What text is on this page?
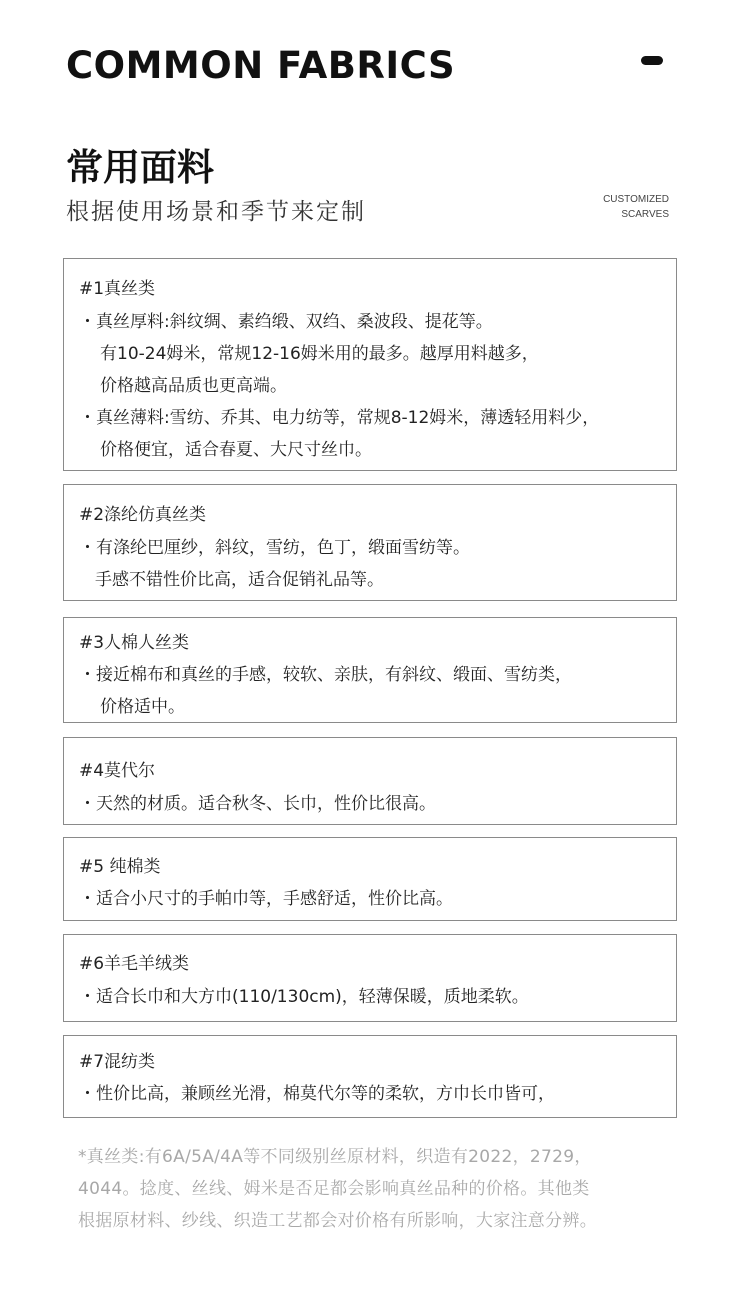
COMMON FABRICS
常用面料
根据使用场景和季节来定制	CUSTOMIZED
SCARVES
#1真丝类
・真丝厚料:斜纹绸、素绉缎、双绉、桑波段、提花等。
有10-24姆米，常规12-16姆米用的最多。越厚用料越多，
价格越高品质也更高端。
・真丝薄料:雪纺、乔其、电力纺等，常规8-12姆米，薄透轻用料少，
价格便宜，适合春夏、大尺寸丝巾。
#2涤纶仿真丝类
・有涤纶巴厘纱，斜纹，雪纺，色丁，缎面雪纺等。
手感不错性价比高，适合促销礼品等。
#3人棉人丝类
・接近棉布和真丝的手感，较软、亲肤，有斜纹、缎面、雪纺类，
价格适中。
#4莫代尔
・天然的材质。适合秋冬、长巾，性价比很高。
#5 纯棉类
・适合小尺寸的手帕巾等，手感舒适，性价比高。
#6羊毛羊绒类
・适合长巾和大方巾(110/130cm)，轻薄保暖，质地柔软。
#7混纺类
・性价比高，兼顾丝光滑，棉莫代尔等的柔软，方巾长巾皆可，
*真丝类:有6A/5A/4A等不同级别丝原材料，织造有2022，2729，
4044。捻度、丝线、姆米是否足都会影响真丝品种的价格。其他类
根据原材料、纱线、织造工艺都会对价格有所影响，大家注意分辨。
